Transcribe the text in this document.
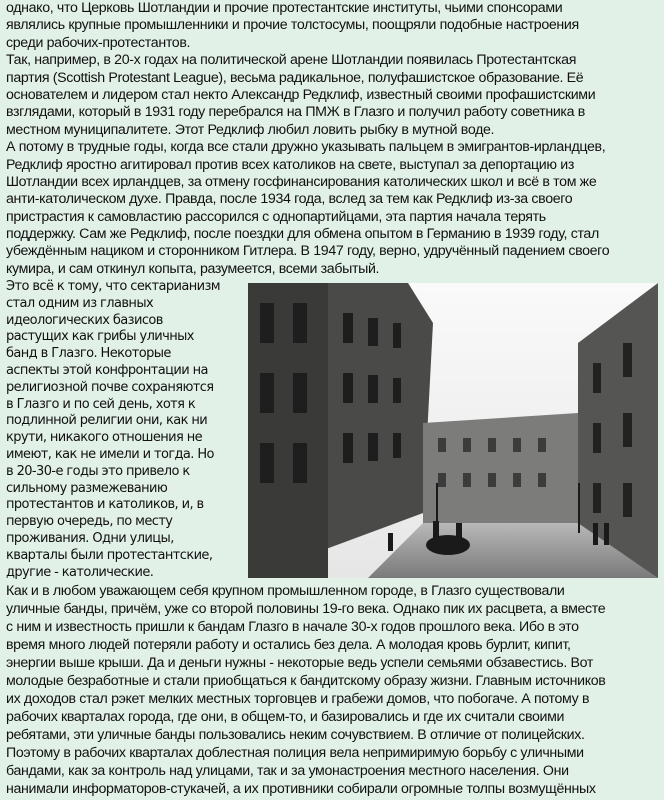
однако, что Церковь Шотландии и прочие протестантские институты, чьими спонсорами
являлись крупные промышленники и прочие толстосумы, поощряли подобные настроения
среди рабочих-протестантов.
Так, например, в 20-х годах на политической арене Шотландии появилась Протестантская
партия (Scottish Protestant League), весьма радикальное, полуфашистское образование. Её
основателем и лидером стал некто Александр Редклиф, известный своими профашистскими
взглядами, который в 1931 году перебрался на ПМЖ в Глазго и получил работу советника в
местном муниципалитете. Этот Редклиф любил ловить рыбку в мутной воде.
А потому в трудные годы, когда все стали дружно указывать пальцем в эмигрантов-ирландцев,
Редклиф яростно агитировал против всех католиков на свете, выступал за депортацию из
Шотландии всех ирландцев, за отмену госфинансирования католических школ и всё в том же
анти-католическом духе. Правда, после 1934 года, вслед за тем как Редклиф из-за своего
пристрастия к самовластию рассорился с однопартийцами, эта партия начала терять
поддержку. Сам же Редклиф, после поездки для обмена опытом в Германию в 1939 году, стал
убеждённым нациком и сторонником Гитлера. В 1947 году, верно, удручённый падением своего
кумира, и сам откинул копыта, разумеется, всеми забытый.
Это всё к тому, что сектарианизм
стал одним из главных
идеологических базисов
растущих как грибы уличных
банд в Глазго. Некоторые
аспекты этой конфронтации на
религиозной почве сохраняются
в Глазго и по сей день, хотя к
подлинной религии они, как ни
крути, никакого отношения не
имеют, как не имели и тогда. Но
в 20-30-е годы это привело к
сильному размежеванию
протестантов и католиков, и, в
первую очередь, по месту
проживания. Одни улицы,
кварталы были протестантские,
другие - католические.
Как и в любом уважающем себя крупном промышленном городе, в Глазго существовали
уличные банды, причём, уже со второй половины 19-го века. Однако пик их расцвета, а вместе
с ним и известность пришли к бандам Глазго в начале 30-х годов прошлого века. Ибо в это
время много людей потеряли работу и остались без дела. А молодая кровь бурлит, кипит,
энергии выше крыши. Да и деньги нужны - некоторые ведь успели семьями обзавестись. Вот
молодые безработные и стали приобщаться к бандитскому образу жизни. Главным источников
их доходов стал рэкет мелких местных торговцев и грабежи домов, что побогаче. А потому в
рабочих кварталах города, где они, в общем-то, и базировались и где их считали своими
ребятами, эти уличные банды пользовались неким сочувствием. В отличие от полицейских.
Поэтому в рабочих кварталах доблестная полиция вела непримиримую борьбу с уличными
бандами, как за контроль над улицами, так и за умонастроения местного населения. Они
нанимали информаторов-стукачей, а их противники собирали огромные толпы возмущённых
